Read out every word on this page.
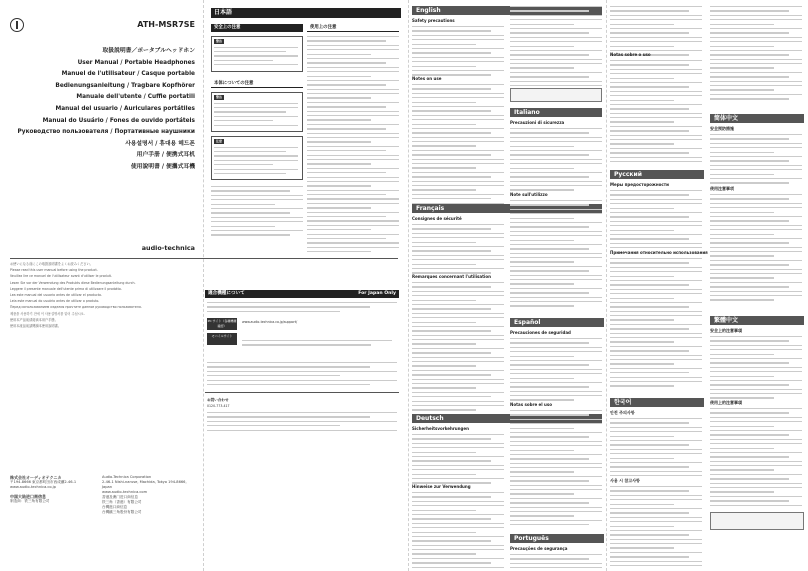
ATH-MSR7SE
取扱説明書／ポータブルヘッドホン
User Manual / Portable Headphones
Manuel de l'utilisateur / Casque portable
Bedienungsanleitung / Tragbare Kopfhörer
Manuale dell'utente / Cuffie portatili
Manual del usuario / Auriculares portátiles
Manual do Usuário / Fones de ouvido portáteis
Руководство пользователя / Портативные наушники
사용설명서 / 휴대용 헤드폰
用户手册 / 便携式耳机
使用說明書 / 便攜式耳機
audio-technica
株式会社オーディオテクニカ
〒194-8666 東京都町田市西成瀬2-46-1
www.audio-technica.co.jp
中国大陆进口商信息
制造商：铁三角有限公司
Audio-Technica Corporation
2-46-1 Nishi-naruse, Machida, Tokyo 194-8666, Japan
www.audio-technica.com
香港及澳门进口商信息
铁三角（香港）有限公司
台灣進口商信息
台灣鐵三角股份有限公司

お使いになる前にこの取扱説明書をよくお読みください。

Please read this user manual before using the product.

Veuillez lire ce manuel de l'utilisateur avant d'utiliser le produit.

Lesen Sie vor der Verwendung des Produkts diese Bedienungsanleitung durch.

Leggere il presente manuale dell'utente prima di utilizzare il prodotto.

Lea este manual del usuario antes de utilizar el producto.

Leia este manual do usuário antes de utilizar o produto.

Перед использованием изделия прочтите данное руководство пользователя.

제품을 사용하기 전에 이 사용설명서를 읽어 주십시오.

使用本产品前请阅读本用户手册。

使用本產品前請閱讀本使用說明書。

日本語
安全上の注意	使用上の注意
警告
本体についての注意
警告
注意
適合機種について	For Japan Only
PC サイト（各種機種確認）
モバイルサイト
www.audio-technica.co.jp/support/
お問い合わせ
0120-773-417
English
Safety precautions
Notes on use
Français
Consignes de sécurité
Remarques concernant l'utilisation
Deutsch
Sicherheitsvorkehrungen
Hinweise zur Verwendung
Italiano
Precauzioni di sicurezza
Note sull'utilizzo
Español
Precauciones de seguridad
Notas sobre el uso
Português
Precauções de segurança
Notas sobre o uso
Русский
Меры предосторожности
Примечания относительно использования
한국어
안전 주의사항
사용 시 참고사항
简体中文
安全预防措施
使用注意事项
繁體中文
安全上的注意事項
使用上的注意事項
